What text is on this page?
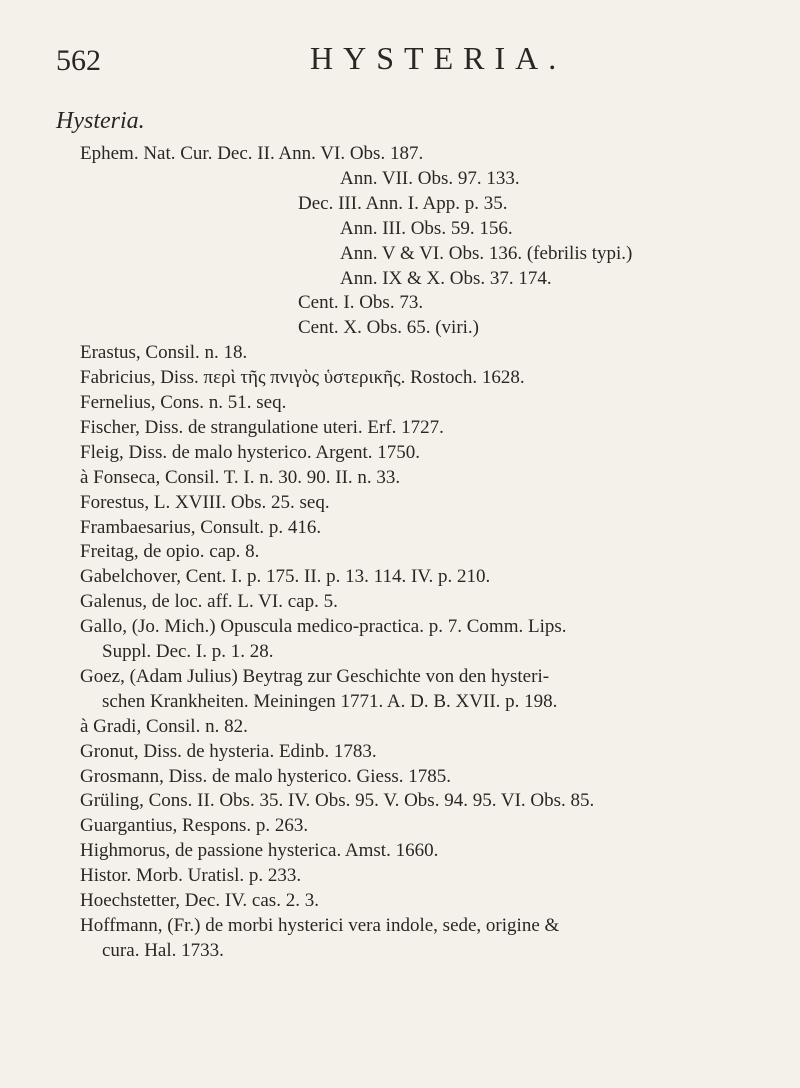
562	HYSTERIA.
Hysteria.
Ephem. Nat. Cur. Dec. II. Ann. VI. Obs. 187.
Ann. VII. Obs. 97. 133.
Dec. III. Ann. I. App. p. 35.
Ann. III. Obs. 59. 156.
Ann. V & VI. Obs. 136. (febrilis typi.)
Ann. IX & X. Obs. 37. 174.
Cent. I. Obs. 73.
Cent. X. Obs. 65. (viri.)
Erastus, Consil. n. 18.
Fabricius, Diss. περὶ τῆς πνιγὸς ὑστερικῆς. Rostoch. 1628.
Fernelius, Cons. n. 51. seq.
Fischer, Diss. de strangulatione uteri. Erf. 1727.
Fleig, Diss. de malo hysterico. Argent. 1750.
à Fonseca, Consil. T. I. n. 30. 90. II. n. 33.
Forestus, L. XVIII. Obs. 25. seq.
Frambaesarius, Consult. p. 416.
Freitag, de opio. cap. 8.
Gabelchover, Cent. I. p. 175. II. p. 13. 114. IV. p. 210.
Galenus, de loc. aff. L. VI. cap. 5.
Gallo, (Jo. Mich.) Opuscula medico-practica. p. 7. Comm. Lips.
Suppl. Dec. I. p. 1. 28.
Goez, (Adam Julius) Beytrag zur Geschichte von den hysteri-
schen Krankheiten. Meiningen 1771. A. D. B. XVII. p. 198.
à Gradi, Consil. n. 82.
Gronut, Diss. de hysteria. Edinb. 1783.
Grosmann, Diss. de malo hysterico. Giess. 1785.
Grüling, Cons. II. Obs. 35. IV. Obs. 95. V. Obs. 94. 95. VI. Obs. 85.
Guargantius, Respons. p. 263.
Highmorus, de passione hysterica. Amst. 1660.
Histor. Morb. Uratisl. p. 233.
Hoechstetter, Dec. IV. cas. 2. 3.
Hoffmann, (Fr.) de morbi hysterici vera indole, sede, origine &
cura. Hal. 1733.
